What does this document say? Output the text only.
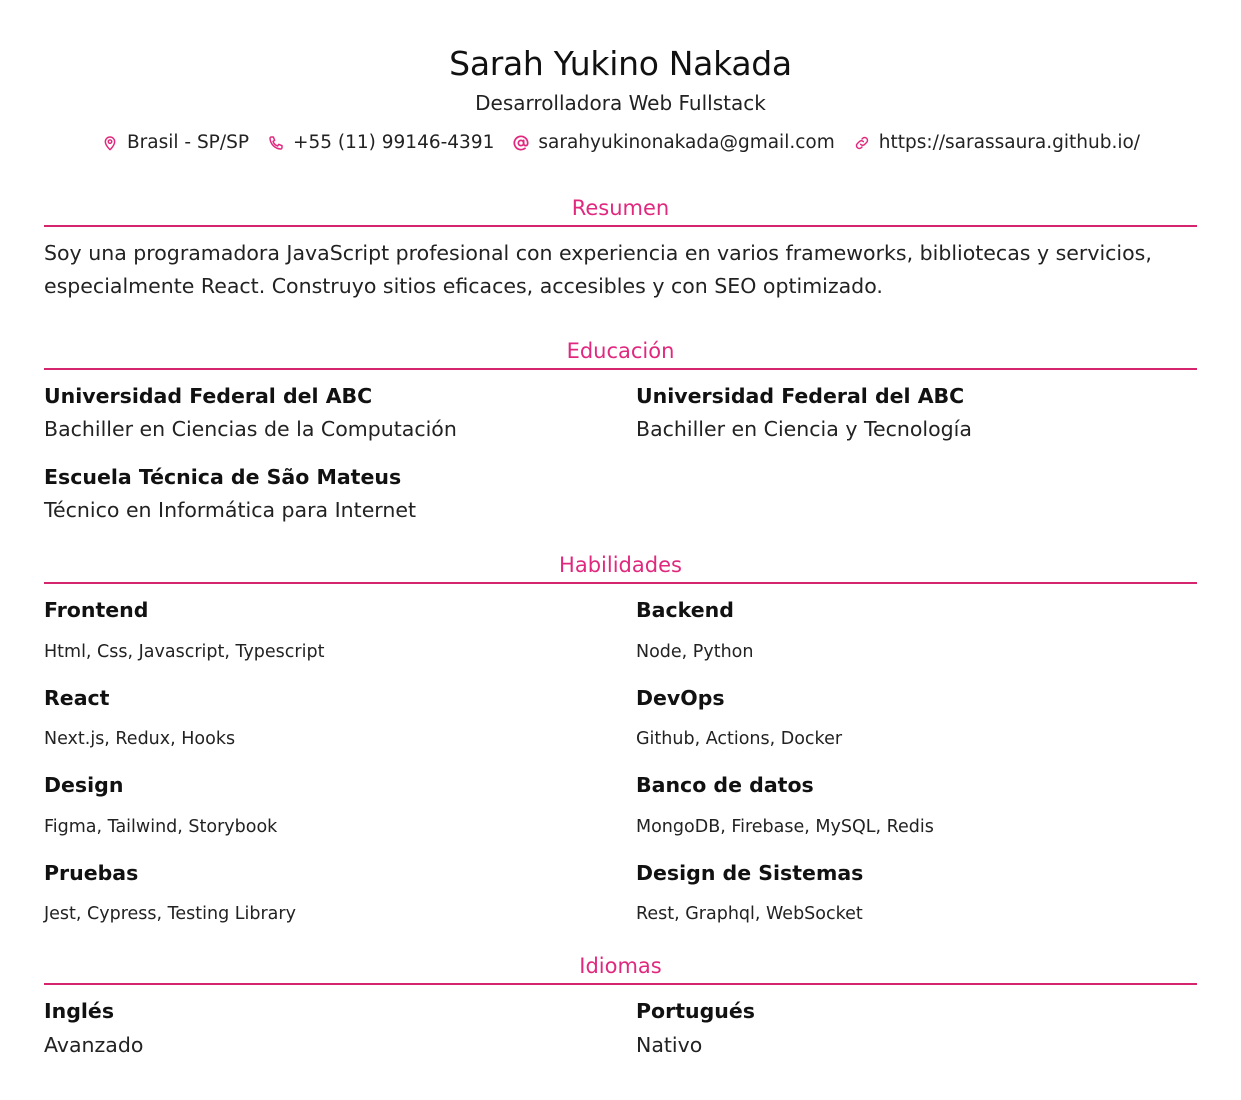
Sarah Yukino Nakada
Desarrolladora Web Fullstack
Brasil - SP/SP +55 (11) 99146-4391 sarahyukinonakada@gmail.com https://sarassaura.github.io/
Resumen
Soy una programadora JavaScript profesional con experiencia en varios frameworks, bibliotecas y servicios, especialmente React. Construyo sitios eficaces, accesibles y con SEO optimizado.
Educación
Universidad Federal del ABC
Bachiller en Ciencias de la Computación
Universidad Federal del ABC
Bachiller en Ciencia y Tecnología
Escuela Técnica de São Mateus
Técnico en Informática para Internet
Habilidades
Frontend
Html, Css, Javascript, Typescript
Backend
Node, Python
React
Next.js, Redux, Hooks
DevOps
Github, Actions, Docker
Design
Figma, Tailwind, Storybook
Banco de datos
MongoDB, Firebase, MySQL, Redis
Pruebas
Jest, Cypress, Testing Library
Design de Sistemas
Rest, Graphql, WebSocket
Idiomas
Inglés
Avanzado
Portugués
Nativo
